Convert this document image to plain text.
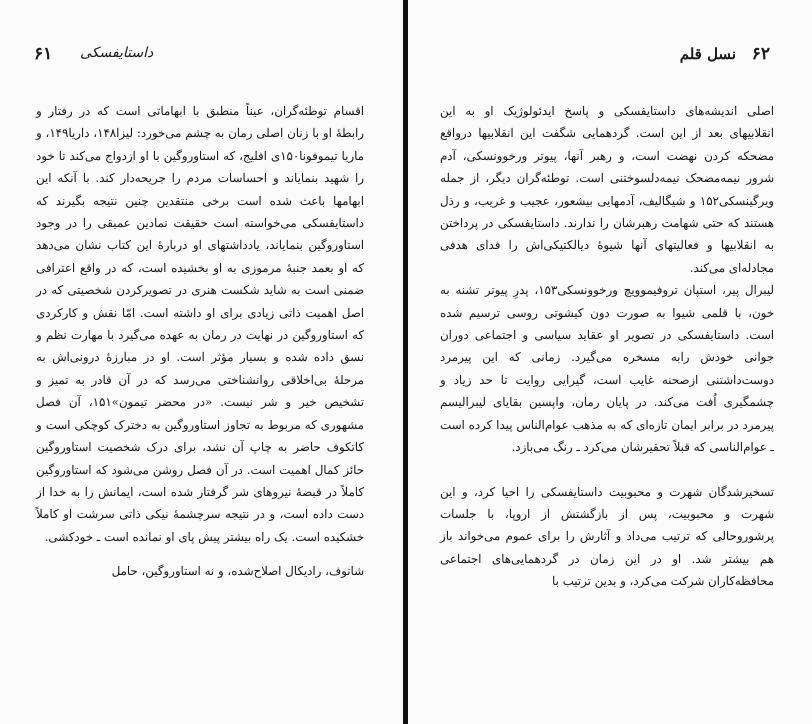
۶۱ داستایفسکی

اقسام توطئه‌گران، عیناً منطبق با ابهاماتی است که در رفتار و رابطهٔ او با زنان اصلی رمان به چشم می‌خورد: لیزا۱۴۸، داریا۱۴۹، و ماریا تیموفونا۱۵۰ی افلیج، که استاوروگین با او ازدواج می‌کند تا خود را شهید بنمایاند و احساسات مردم را جریحه‌دار کند. با آنکه این ابهامها باعث شده است برخی منتقدین چنین نتیجه بگیرند که داستایفسکی می‌خواسته است حقیقت نمادین عمیقی را در وجود استاوروگین بنمایاند، یادداشتهای او دربارهٔ این کتاب نشان می‌دهد که او بعمد جنبهٔ مرموزی به او بخشیده است، که در واقع اعترافی ضمنی است به شاید شکست هنری در تصویرکردن شخصیتی که در اصل اهمیت ذاتی زیادی برای او داشته است. امّا نقش و کارکردی که استاوروگین در نهایت در رمان به عهده می‌گیرد با مهارت نظم و نسق داده شده و بسیار مؤثر است. او در مبارزهٔ درونی‌اش به مرحلهٔ بی‌اخلاقی روانشناختی می‌رسد که در آن قادر به تمیز و تشخیص خیر و شر نیست. «در محضر تیمون»۱۵۱، آن فصل مشهوری که مربوط به تجاوز استاوروگین به دخترک کوچکی است و کاتکوف حاضر به چاپ آن نشد، برای درک شخصیت استاوروگین حائز کمال اهمیت است. در آن فصل روشن می‌شود که استاوروگین کاملاً در قبضهٔ نیروهای شر گرفتار شده است، ایمانش را به خدا از دست داده است، و در نتیجه سرچشمهٔ نیکی ذاتی سرشت او کاملاً خشکیده است. یک راه بیشتر پیش پای او نمانده است ـ خودکشی.

شاتوف، رادیکال اصلاح‌شده، و نه استاوروگین، حامل

۶۲
نسل قلم

اصلی اندیشه‌های داستایفسکی و پاسخ ایدئولوژیک او به این انقلابیهای بعد از این است. گردهمایی شگفت این انقلابیها درواقع مضحکه کردن نهضت است، و رهبر آنها، پیوتر ورخوونسکی، آدم شرور نیمه‌مضحک نیمه‌دلسوختنی است. توطئه‌گران دیگر، از جمله ویرگینسکی۱۵۲ و شیگالیف، آدمهایی بیشعور، عجیب و غریب، و رذل هستند که حتی شهامت رهبرشان را ندارند. داستایفسکی در پرداختن به انقلابیها و فعالیتهای آنها شیوهٔ دیالکتیکی‌اش را فدای هدفی مجادله‌ای می‌کند.

لیبرال پیر، استپان تروفیموویچ ورخوونسکی۱۵۳، پدرِ پیوتر تشنه به خون، با قلمی شیوا به صورت دون کیشوتی روسی ترسیم شده است. داستایفسکی در تصویر او عقاید سیاسی و اجتماعی دوران جوانی خودش رابه مسخره می‌گیرد. زمانی که این پیرمرد دوست‌داشتنی ازصحنه غایب است، گیرایی روایت تا حد زیاد و چشمگیری اُفت می‌کند. در پایان رمان، واپسین بقایای لیبرالیسم پیرمرد در برابر ایمان تازه‌ای که به مذهب عوام‌الناس پیدا کرده است ـ عوام‌الناسی که قبلاً تحقیرشان می‌کرد ـ رنگ می‌بازد.

تسخیرشدگان شهرت و محبوبیت داستایفسکی را احیا کرد، و این شهرت و محبوبیت، پس از بازگشتش از اروپا، با جلسات پرشوروحالی که ترتیب می‌داد و آثارش را برای عموم می‌خواند باز هم بیشتر شد. او در این زمان در گردهمایی‌های اجتماعی محافظه‌کاران شرکت می‌کرد، و بدین ترتیب با
